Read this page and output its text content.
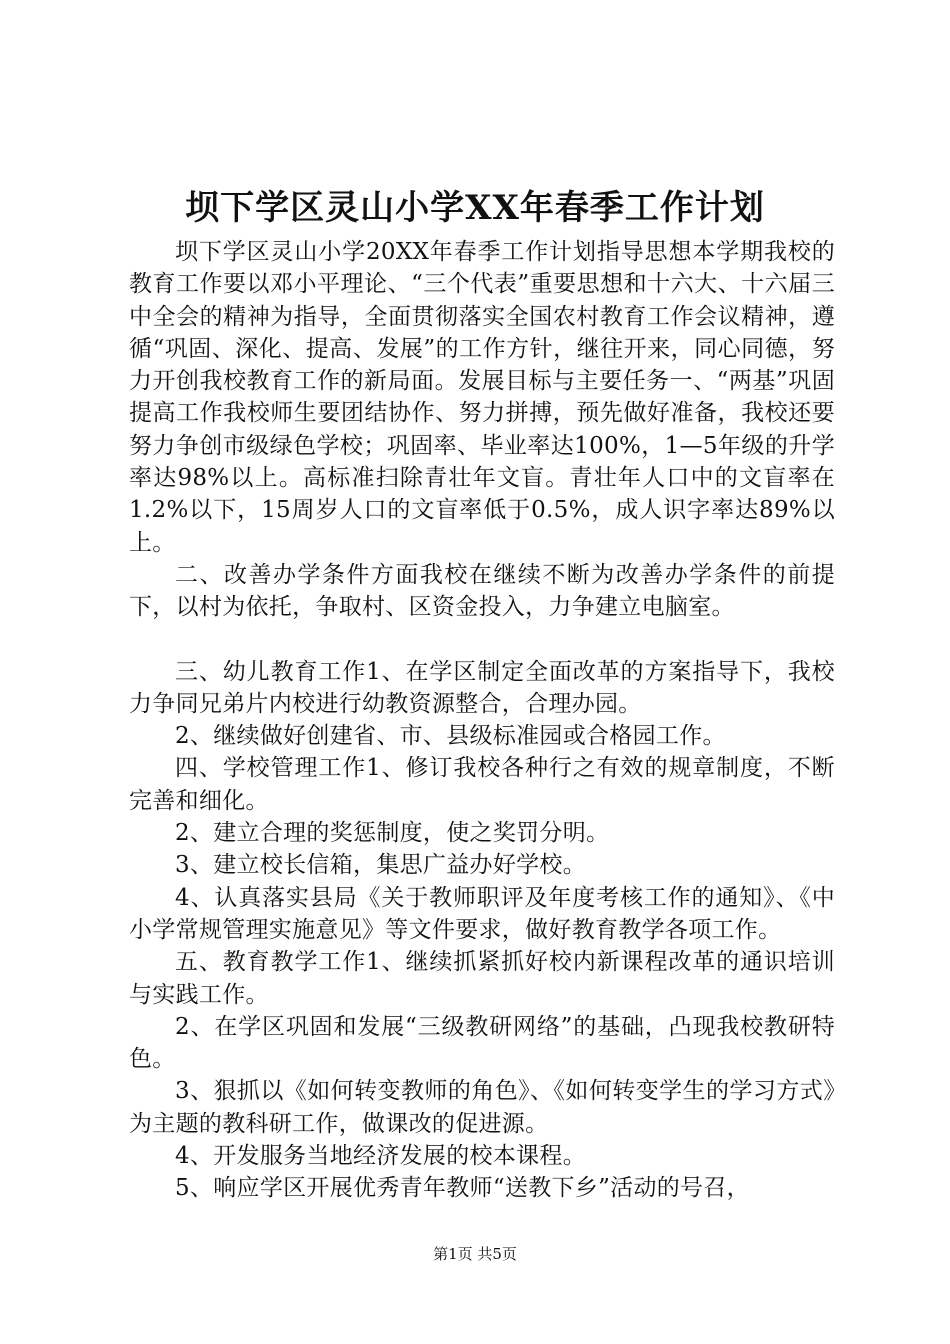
坝下学区灵山小学XX年春季工作计划

坝下学区灵山小学20XX年春季工作计划指导思想本学期我校的教育工作要以邓小平理论、“三个代表”重要思想和十六大、十六届三中全会的精神为指导，全面贯彻落实全国农村教育工作会议精神，遵循“巩固、深化、提高、发展”的工作方针，继往开来，同心同德，努力开创我校教育工作的新局面。发展目标与主要任务一、“两基”巩固提高工作我校师生要团结协作、努力拼搏，预先做好准备，我校还要努力争创市级绿色学校；巩固率、毕业率达100%，1—5年级的升学率达98%以上。高标准扫除青壮年文盲。青壮年人口中的文盲率在1.2%以下，15周岁人口的文盲率低于0.5%，成人识字率达89%以上。

二、改善办学条件方面我校在继续不断为改善办学条件的前提下，以村为依托，争取村、区资金投入，力争建立电脑室。

三、幼儿教育工作1、在学区制定全面改革的方案指导下，我校力争同兄弟片内校进行幼教资源整合，合理办园。

2、继续做好创建省、市、县级标准园或合格园工作。

四、学校管理工作1、修订我校各种行之有效的规章制度，不断完善和细化。

2、建立合理的奖惩制度，使之奖罚分明。

3、建立校长信箱，集思广益办好学校。

4、认真落实县局《关于教师职评及年度考核工作的通知》、《中小学常规管理实施意见》等文件要求，做好教育教学各项工作。

五、教育教学工作1、继续抓紧抓好校内新课程改革的通识培训与实践工作。

2、在学区巩固和发展“三级教研网络”的基础，凸现我校教研特色。

3、狠抓以《如何转变教师的角色》、《如何转变学生的学习方式》为主题的教科研工作，做课改的促进源。

4、开发服务当地经济发展的校本课程。

5、响应学区开展优秀青年教师“送教下乡”活动的号召，

第1页 共5页
